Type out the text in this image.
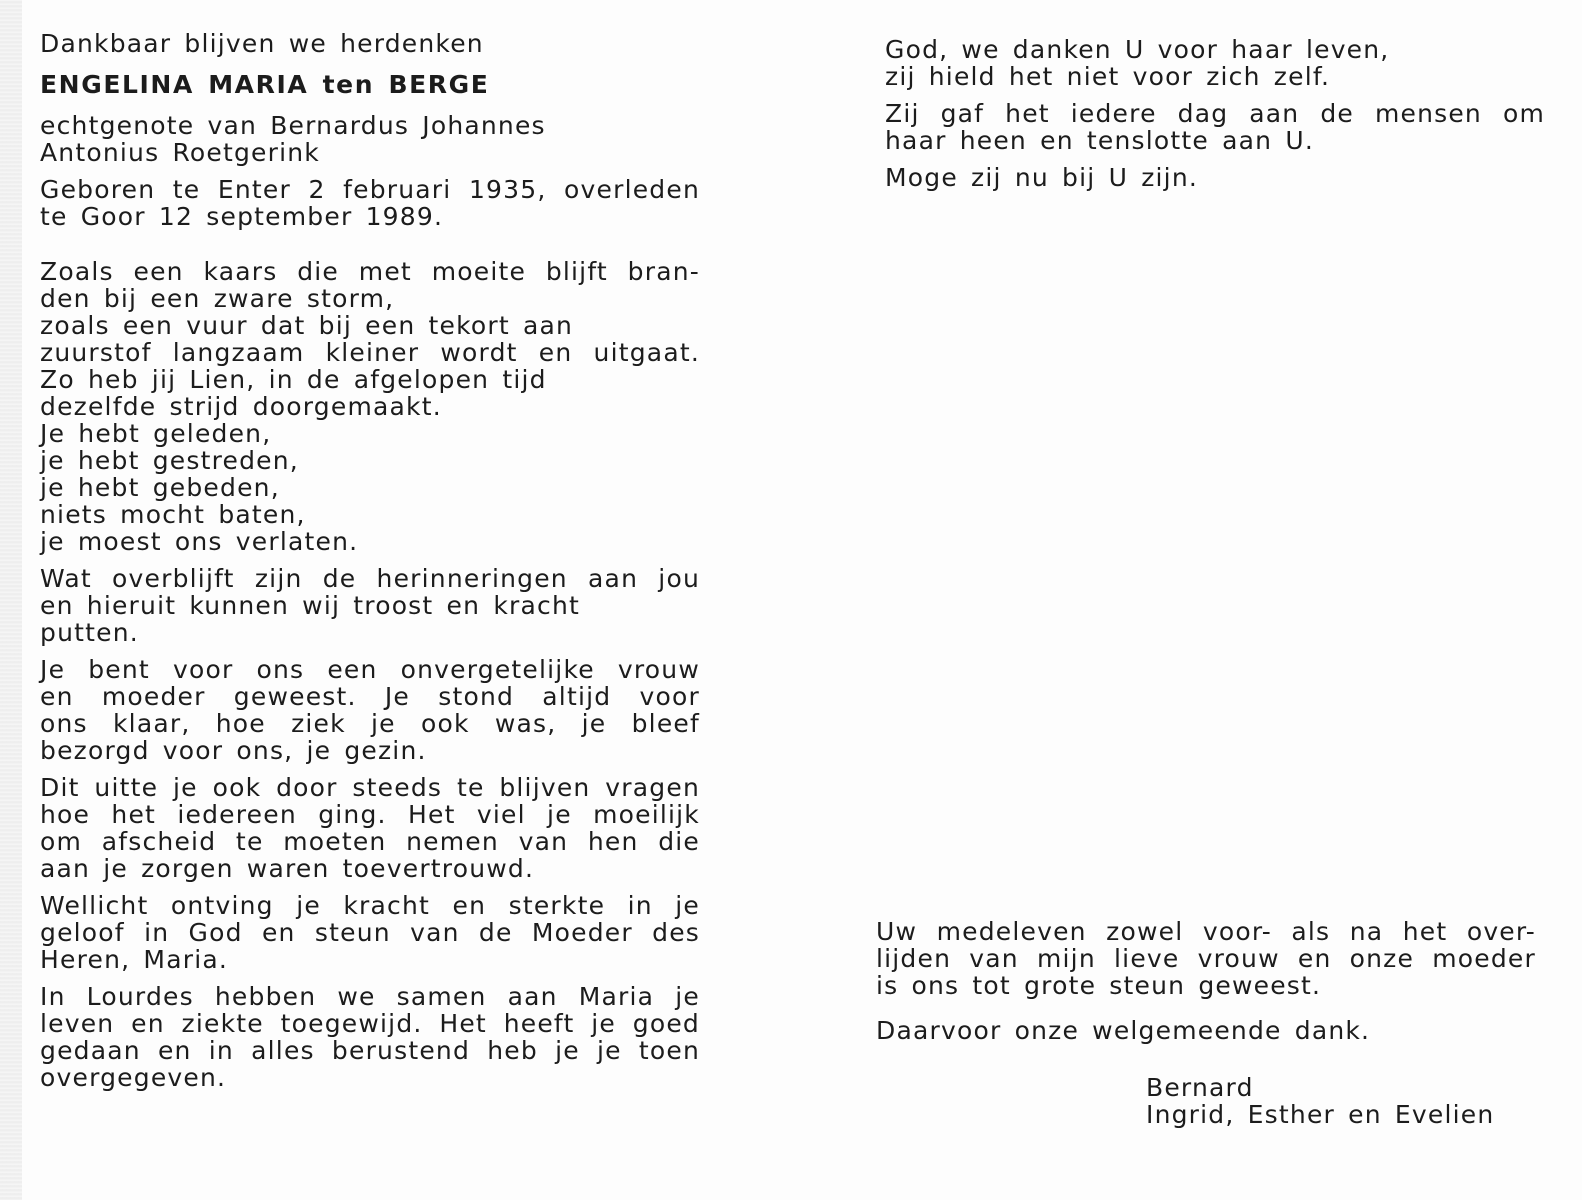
Dankbaar blijven we herdenken
ENGELINA MARIA ten BERGE
echtgenote van Bernardus Johannes
Antonius Roetgerink
Geboren te Enter 2 februari 1935, overleden
te Goor 12 september 1989.
Zoals een kaars die met moeite blijft bran-
den bij een zware storm,
zoals een vuur dat bij een tekort aan
zuurstof langzaam kleiner wordt en uitgaat.
Zo heb jij Lien, in de afgelopen tijd
dezelfde strijd doorgemaakt.
Je hebt geleden,
je hebt gestreden,
je hebt gebeden,
niets mocht baten,
je moest ons verlaten.
Wat overblijft zijn de herinneringen aan jou
en hieruit kunnen wij troost en kracht
putten.
Je bent voor ons een onvergetelijke vrouw
en moeder geweest. Je stond altijd voor
ons klaar, hoe ziek je ook was, je bleef
bezorgd voor ons, je gezin.
Dit uitte je ook door steeds te blijven vragen
hoe het iedereen ging. Het viel je moeilijk
om afscheid te moeten nemen van hen die
aan je zorgen waren toevertrouwd.
Wellicht ontving je kracht en sterkte in je
geloof in God en steun van de Moeder des
Heren, Maria.
In Lourdes hebben we samen aan Maria je
leven en ziekte toegewijd. Het heeft je goed
gedaan en in alles berustend heb je je toen
overgegeven.
God, we danken U voor haar leven,
zij hield het niet voor zich zelf.
Zij gaf het iedere dag aan de mensen om
haar heen en tenslotte aan U.
Moge zij nu bij U zijn.
Uw medeleven zowel voor- als na het over-
lijden van mijn lieve vrouw en onze moeder
is ons tot grote steun geweest.
Daarvoor onze welgemeende dank.
Bernard
Ingrid, Esther en Evelien
